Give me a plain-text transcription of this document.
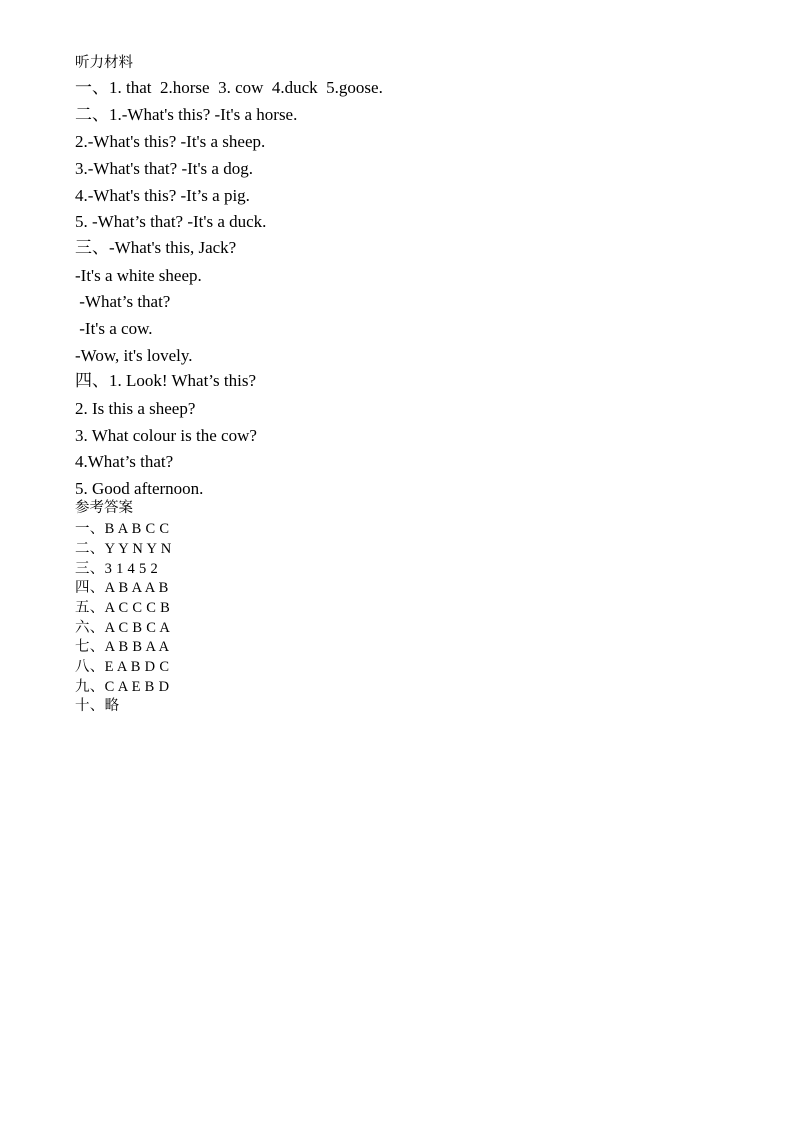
听力材料
一、1. that  2.horse  3. cow  4.duck  5.goose.
二、1.-What's this? -It's a horse.
2.-What's this? -It's a sheep.
3.-What's that? -It's a dog.
4.-What's this? -It’s a pig.
5. -What’s that? -It's a duck.
三、-What's this, Jack?
-It's a white sheep.
-What’s that?
-It's a cow.
-Wow, it's lovely.
四、1. Look! What’s this?
2. Is this a sheep?
3. What colour is the cow?
4.What’s that?
5. Good afternoon.
参考答案
一、B A B C C
二、Y Y N Y N
三、3 1 4 5 2
四、A B A A B
五、A C C C B
六、A C B C A
七、A B B A A
八、E A B D C
九、C A E B D
十、略
